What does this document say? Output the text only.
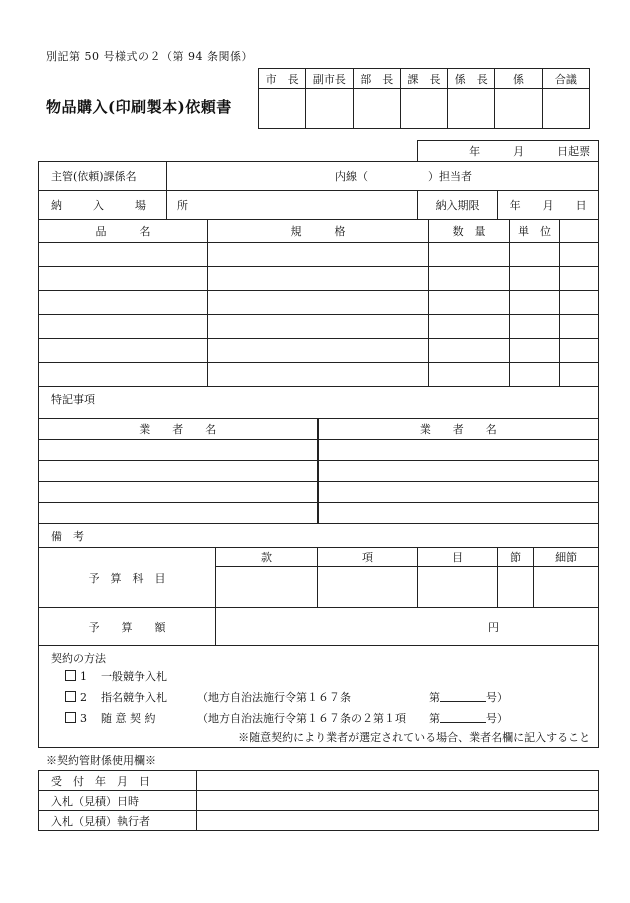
別記第 50 号様式の２（第 94 条関係）
物品購入(印刷製本)依頼書
市　長	副市長	部　長	課　長	係　長	係	合議

					年　　　月　　　日起票					
主管(依頼)課係名	内線（ ）担当者									
納　入　場　所					納入期限		年　　月　　日			
品　　　名		規　　　格				数　量		単　位		

特記事項										
業　　者　　名				業　　者　　名						

備　考										
予　算　科　目			款	項	目		節		細節	

予　　算　　額			円							

契約の方法
1 一般競争入札
2 指名競争入札 （地方自治法施行令第１６７条 第 号）
3 随 意 契 約 （地方自治法施行令第１６７条の２第１項 第 号）
※随意契約により業者が選定されている場合、業者名欄に記入すること										
※契約管財係使用欄※
受　付　年　月　日	
入札（見積）日時	
入札（見積）執行者	
